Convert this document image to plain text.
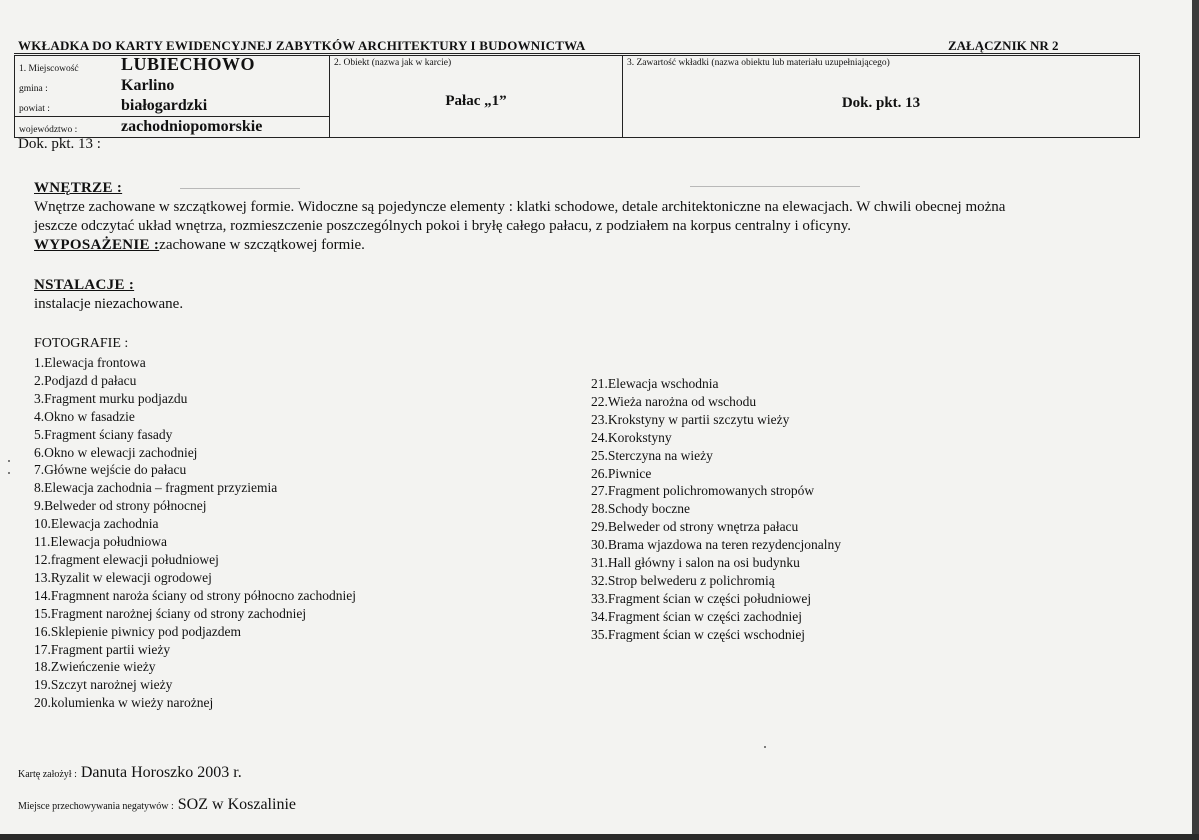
WKŁADKA DO KARTY EWIDENCYJNEJ ZABYTKÓW ARCHITEKTURY I BUDOWNICTWA	ZAŁĄCZNIK NR 2
1. Miejscowość LUBIECHOWO
gmina :	Karlino
powiat :	białogardzki
województwo :	zachodniopomorskie

2. Obiekt (nazwa jak w karcie)
Pałac „1”

3. Zawartość wkładki (nazwa obiektu lub materiału uzupełniającego)
Dok. pkt. 13
Dok. pkt. 13 :
WNĘTRZE :
Wnętrze zachowane w szczątkowej formie. Widoczne są pojedyncze elementy : klatki schodowe, detale architektoniczne na elewacjach. W chwili obecnej można
jeszcze odczytać układ wnętrza, rozmieszczenie poszczególnych pokoi i bryłę całego pałacu, z podziałem na korpus centralny i oficyny.
WYPOSAŻENIE :zachowane w szczątkowej formie.
NSTALACJE :
instalacje niezachowane.
FOTOGRAFIE :
1.Elewacja frontowa
2.Podjazd d pałacu
3.Fragment murku podjazdu
4.Okno w fasadzie
5.Fragment ściany fasady
6.Okno w elewacji zachodniej
7.Główne wejście do pałacu
8.Elewacja zachodnia – fragment przyziemia
9.Belweder od strony północnej
10.Elewacja zachodnia
11.Elewacja południowa
12.fragment elewacji południowej
13.Ryzalit w elewacji ogrodowej
14.Fragmnent naroża ściany od strony północno zachodniej
15.Fragment narożnej ściany od strony zachodniej
16.Sklepienie piwnicy pod podjazdem
17.Fragment partii wieży
18.Zwieńczenie wieży
19.Szczyt narożnej wieży
20.kolumienka w wieży narożnej
21.Elewacja wschodnia
22.Wieża narożna od wschodu
23.Krokstyny w partii szczytu wieży
24.Korokstyny
25.Sterczyna na wieży
26.Piwnice
27.Fragment polichromowanych stropów
28.Schody boczne
29.Belweder od strony wnętrza pałacu
30.Brama wjazdowa na teren rezydencjonalny
31.Hall główny i salon na osi budynku
32.Strop belwederu z polichromią
33.Fragment ścian w części południowej
34.Fragment ścian w części zachodniej
35.Fragment ścian w części wschodniej
Kartę założył : Danuta Horoszko 2003 r.
Miejsce przechowywania negatywów : SOZ w Koszalinie
